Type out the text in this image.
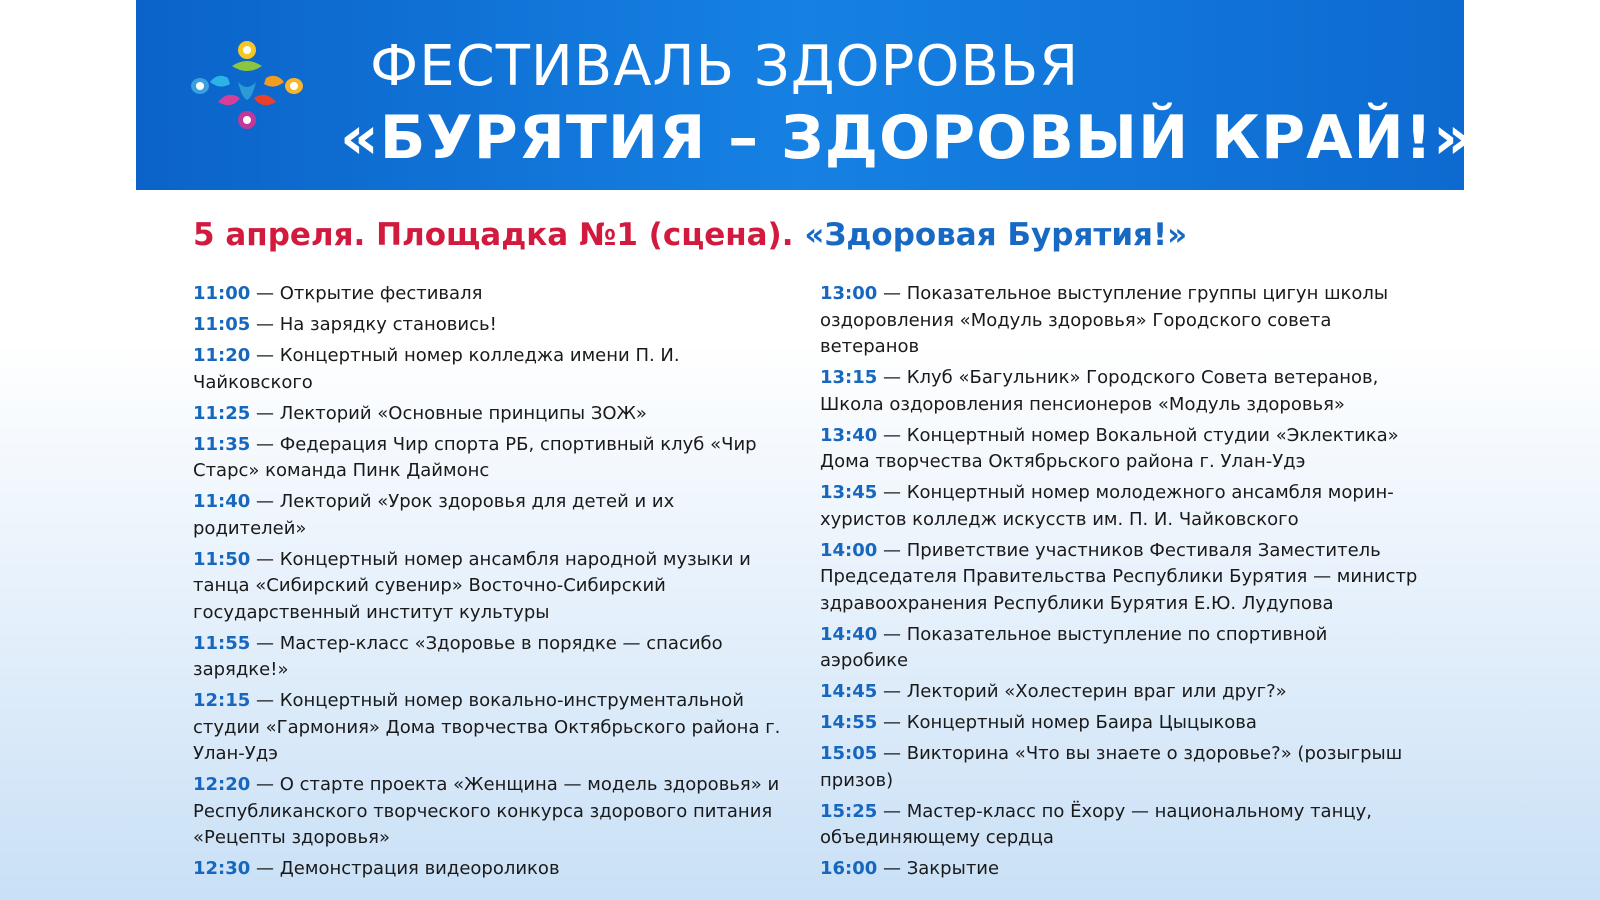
ФЕСТИВАЛЬ ЗДОРОВЬЯ
«БУРЯТИЯ – ЗДОРОВЫЙ КРАЙ!»
5 апреля. Площадка №1 (сцена). «Здоровая Бурятия!»
11:00 — Открытие фестиваля
11:05 — На зарядку становись!
11:20 — Концертный номер колледжа имени П. И. Чайковского
11:25 — Лекторий «Основные принципы ЗОЖ»
11:35 — Федерация Чир спорта РБ, спортивный клуб «Чир Старс» команда Пинк Даймонс
11:40 — Лекторий «Урок здоровья для детей и их родителей»
11:50 — Концертный номер ансамбля народной музыки и танца «Сибирский сувенир» Восточно-Сибирский государственный институт культуры
11:55 — Мастер-класс «Здоровье в порядке — спасибо зарядке!»
12:15 — Концертный номер вокально-инструментальной студии «Гармония» Дома творчества Октябрьского района г. Улан-Удэ
12:20 — О старте проекта «Женщина — модель здоровья» и Республиканского творческого конкурса здорового питания «Рецепты здоровья»
12:30 — Демонстрация видеороликов
13:00 — Показательное выступление группы цигун школы оздоровления «Модуль здоровья» Городского совета ветеранов
13:15 — Клуб «Багульник» Городского Совета ветеранов, Школа оздоровления пенсионеров «Модуль здоровья»
13:40 — Концертный номер Вокальной студии «Эклектика» Дома творчества Октябрьского района г. Улан-Удэ
13:45 — Концертный номер молодежного ансамбля морин-хуристов колледж искусств им. П. И. Чайковского
14:00 — Приветствие участников Фестиваля Заместитель Председателя Правительства Республики Бурятия — министр здравоохранения Республики Бурятия Е.Ю. Лудупова
14:40 — Показательное выступление по спортивной аэробике
14:45 — Лекторий «Холестерин враг или друг?»
14:55 — Концертный номер Баира Цыцыкова
15:05 — Викторина «Что вы знаете о здоровье?» (розыгрыш призов)
15:25 — Мастер-класс по Ёхору — национальному танцу, объединяющему сердца
16:00 — Закрытие
